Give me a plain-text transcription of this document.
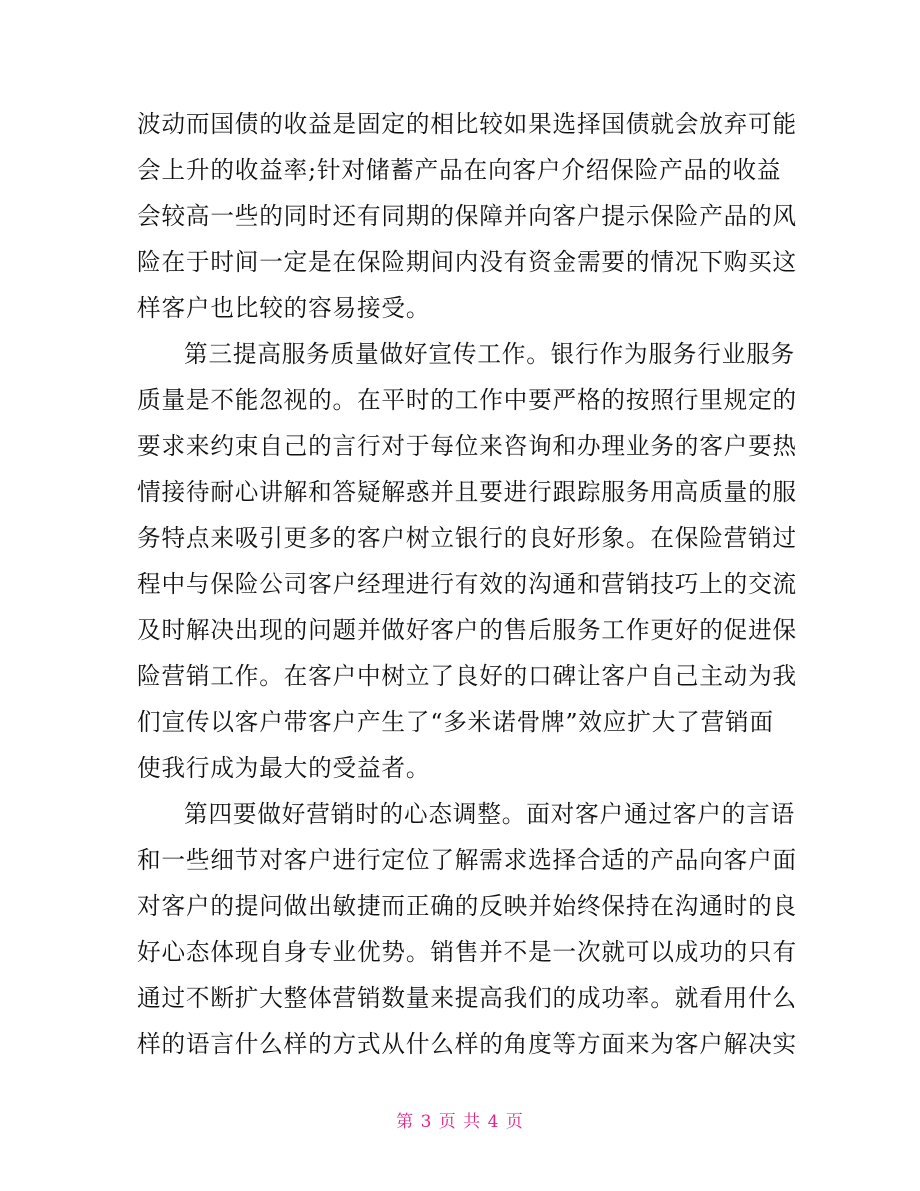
波动而国债的收益是固定的相比较如果选择国债就会放弃可能
会上升的收益率;针对储蓄产品在向客户介绍保险产品的收益
会较高一些的同时还有同期的保障并向客户提示保险产品的风
险在于时间一定是在保险期间内没有资金需要的情况下购买这
样客户也比较的容易接受。
第三提高服务质量做好宣传工作。银行作为服务行业服务
质量是不能忽视的。在平时的工作中要严格的按照行里规定的
要求来约束自己的言行对于每位来咨询和办理业务的客户要热
情接待耐心讲解和答疑解惑并且要进行跟踪服务用高质量的服
务特点来吸引更多的客户树立银行的良好形象。在保险营销过
程中与保险公司客户经理进行有效的沟通和营销技巧上的交流
及时解决出现的问题并做好客户的售后服务工作更好的促进保
险营销工作。在客户中树立了良好的口碑让客户自己主动为我
们宣传以客户带客户产生了“多米诺骨牌”效应扩大了营销面
使我行成为最大的受益者。
第四要做好营销时的心态调整。面对客户通过客户的言语
和一些细节对客户进行定位了解需求选择合适的产品向客户面
对客户的提问做出敏捷而正确的反映并始终保持在沟通时的良
好心态体现自身专业优势。销售并不是一次就可以成功的只有
通过不断扩大整体营销数量来提高我们的成功率。就看用什么
样的语言什么样的方式从什么样的角度等方面来为客户解决实
第 3 页 共 4 页
